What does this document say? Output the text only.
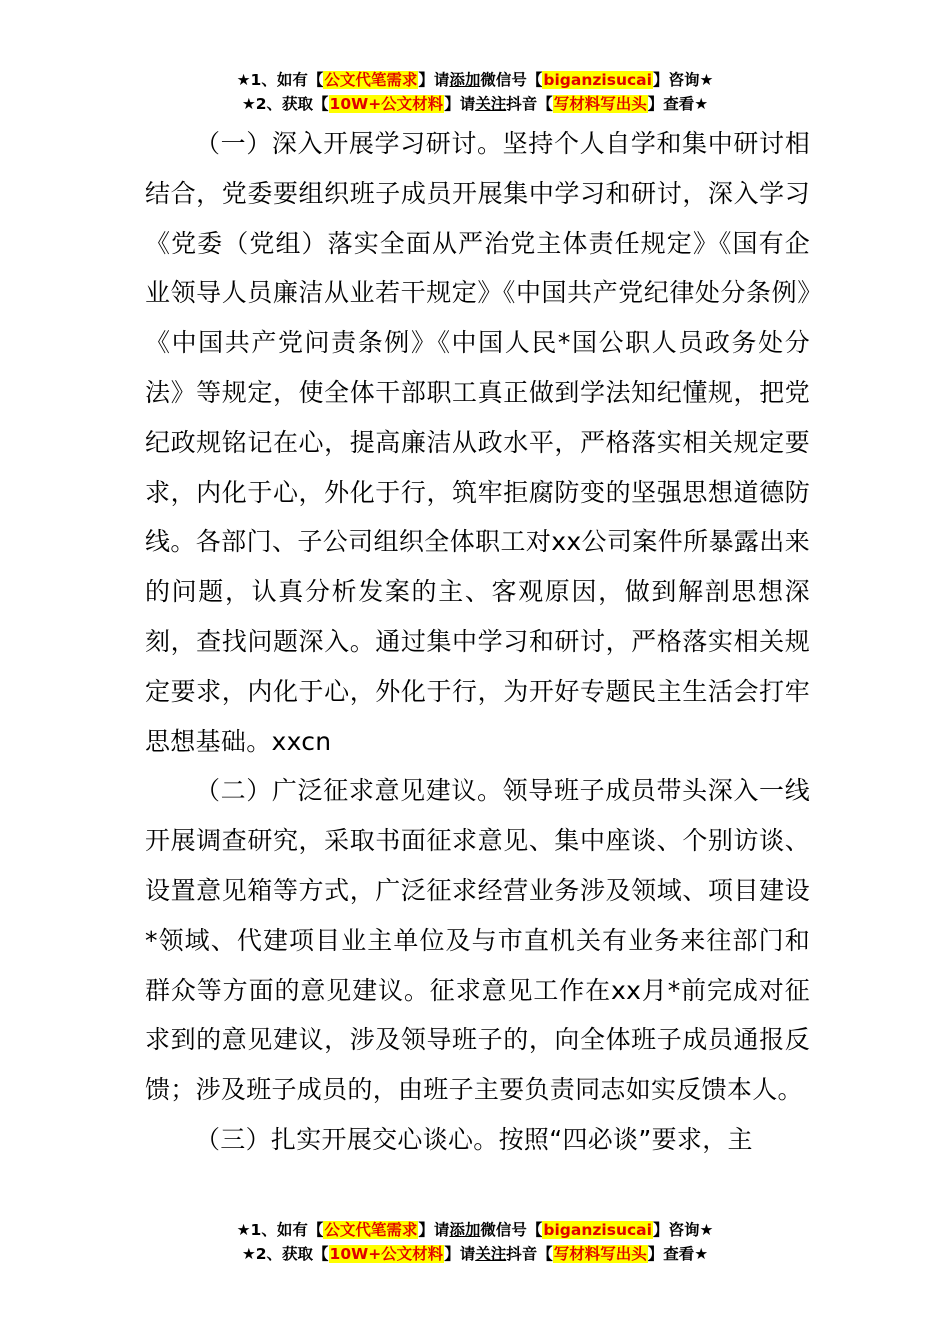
★1、如有【公文代笔需求】请添加微信号【biganzisucai】咨询★
★2、获取【10W+公文材料】请关注抖音【写材料写出头】查看★

（一）深入开展学习研讨。坚持个人自学和集中研讨相结合，党委要组织班子成员开展集中学习和研讨，深入学习《党委（党组）落实全面从严治党主体责任规定》《国有企业领导人员廉洁从业若干规定》《中国共产党纪律处分条例》《中国共产党问责条例》《中国人民*国公职人员政务处分法》等规定，使全体干部职工真正做到学法知纪懂规，把党纪政规铭记在心，提高廉洁从政水平，严格落实相关规定要求，内化于心，外化于行，筑牢拒腐防变的坚强思想道德防线。各部门、子公司组织全体职工对xx公司案件所暴露出来的问题，认真分析发案的主、客观原因，做到解剖思想深刻，查找问题深入。通过集中学习和研讨，严格落实相关规定要求，内化于心，外化于行，为开好专题民主生活会打牢思想基础。xxcn

（二）广泛征求意见建议。领导班子成员带头深入一线开展调查研究，采取书面征求意见、集中座谈、个别访谈、设置意见箱等方式，广泛征求经营业务涉及领域、项目建设*领域、代建项目业主单位及与市直机关有业务来往部门和群众等方面的意见建议。征求意见工作在xx月*前完成对征求到的意见建议，涉及领导班子的，向全体班子成员通报反馈；涉及班子成员的，由班子主要负责同志如实反馈本人。

（三）扎实开展交心谈心。按照“四必谈”要求，主

★1、如有【公文代笔需求】请添加微信号【biganzisucai】咨询★
★2、获取【10W+公文材料】请关注抖音【写材料写出头】查看★
